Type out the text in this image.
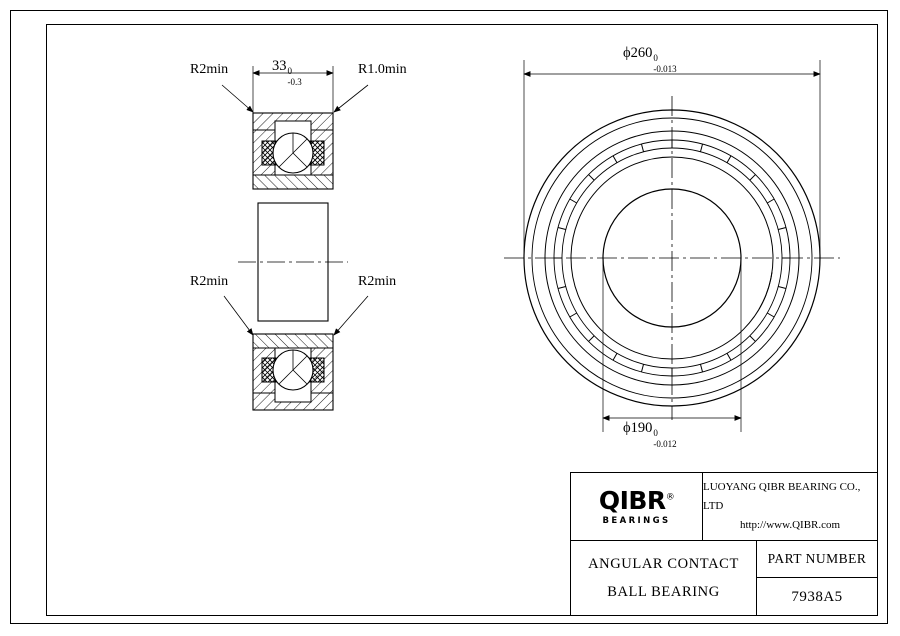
R2min	33 0
-0.3
R1.0min
R2min	R2min
ϕ260 0
-0.013
ϕ190 0
-0.012
QIBR®
BEARINGS
LUOYANG QIBR BEARING CO., LTD
http://www.QIBR.com
ANGULAR CONTACT
BALL BEARING
PART NUMBER
7938A5
